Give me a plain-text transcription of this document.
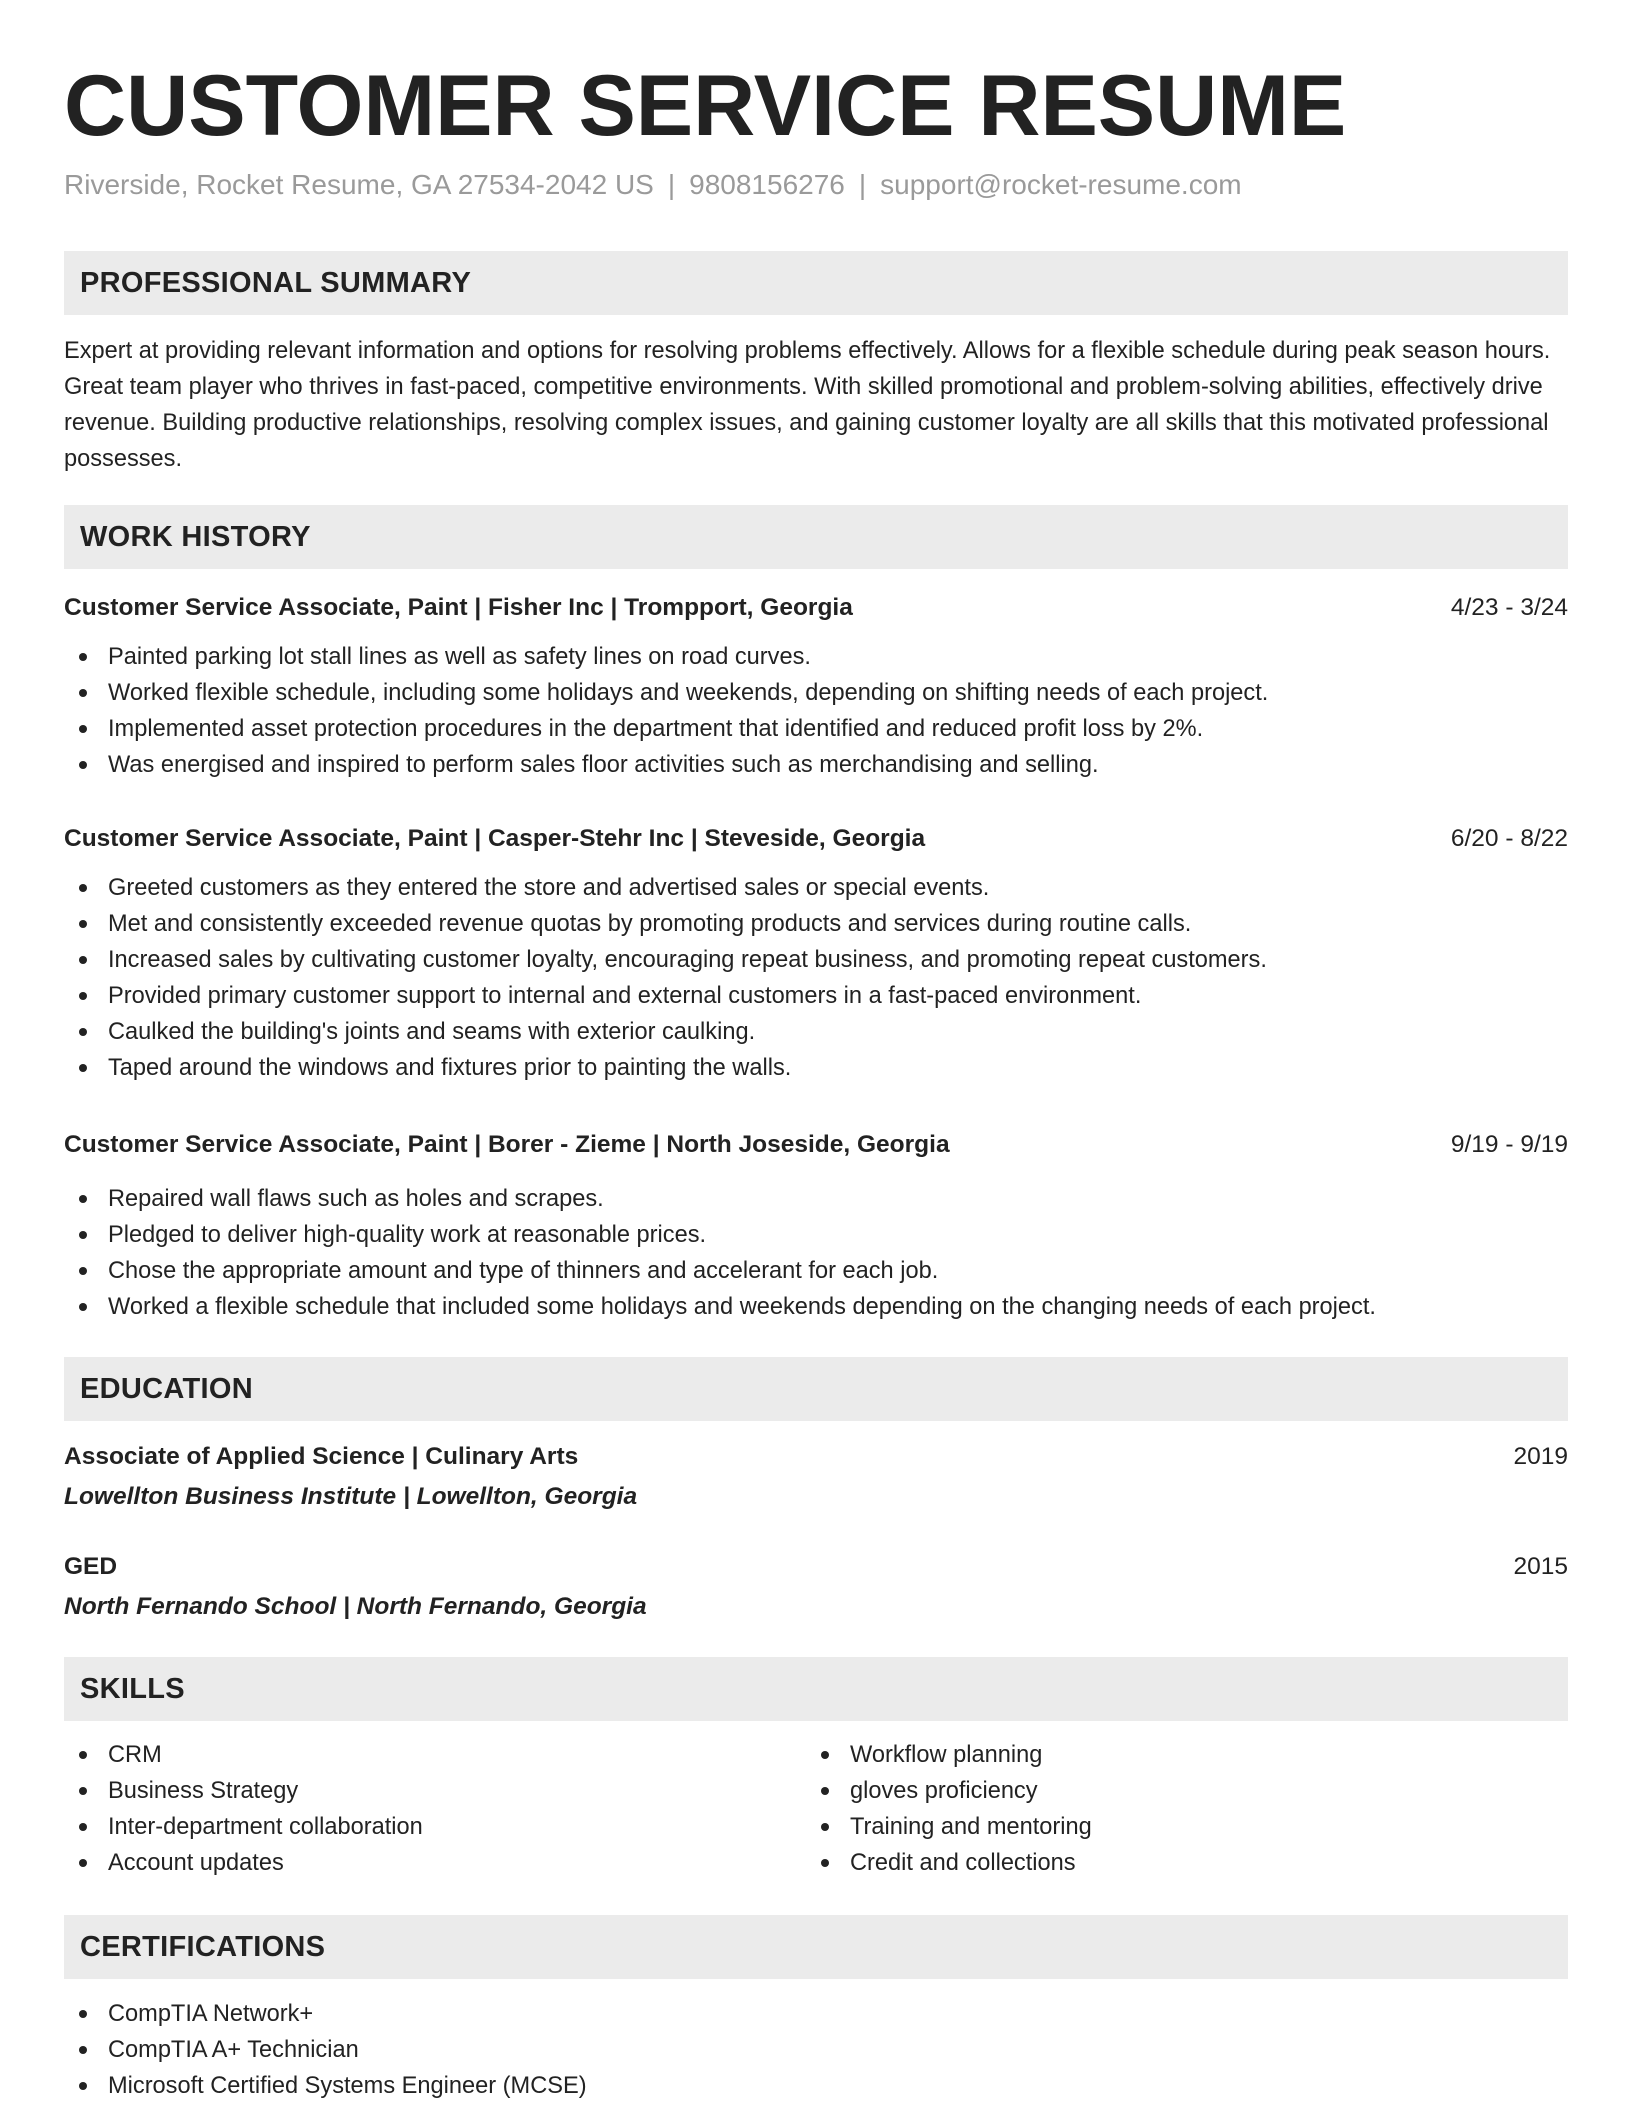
CUSTOMER SERVICE RESUME
Riverside, Rocket Resume, GA 27534-2042 US | 9808156276 | support@rocket-resume.com
PROFESSIONAL SUMMARY

Expert at providing relevant information and options for resolving problems effectively. Allows for a flexible schedule during peak season hours. Great team player who thrives in fast-paced, competitive environments. With skilled promotional and problem-solving abilities, effectively drive revenue. Building productive relationships, resolving complex issues, and gaining customer loyalty are all skills that this motivated professional possesses.

WORK HISTORY
Customer Service Associate, Paint | Fisher Inc | Trompport, Georgia	4/23 - 3/24
Painted parking lot stall lines as well as safety lines on road curves.
Worked flexible schedule, including some holidays and weekends, depending on shifting needs of each project.
Implemented asset protection procedures in the department that identified and reduced profit loss by 2%.
Was energised and inspired to perform sales floor activities such as merchandising and selling.
Customer Service Associate, Paint | Casper-Stehr Inc | Steveside, Georgia	6/20 - 8/22
Greeted customers as they entered the store and advertised sales or special events.
Met and consistently exceeded revenue quotas by promoting products and services during routine calls.
Increased sales by cultivating customer loyalty, encouraging repeat business, and promoting repeat customers.
Provided primary customer support to internal and external customers in a fast-paced environment.
Caulked the building's joints and seams with exterior caulking.
Taped around the windows and fixtures prior to painting the walls.
Customer Service Associate, Paint | Borer - Zieme | North Joseside, Georgia	9/19 - 9/19
Repaired wall flaws such as holes and scrapes.
Pledged to deliver high-quality work at reasonable prices.
Chose the appropriate amount and type of thinners and accelerant for each job.
Worked a flexible schedule that included some holidays and weekends depending on the changing needs of each project.
EDUCATION
Associate of Applied Science | Culinary Arts	2019
Lowellton Business Institute | Lowellton, Georgia
GED	2015
North Fernando School | North Fernando, Georgia
SKILLS
CRM
Business Strategy
Inter-department collaboration
Account updates
Workflow planning
gloves proficiency
Training and mentoring
Credit and collections
CERTIFICATIONS
CompTIA Network+
CompTIA A+ Technician
Microsoft Certified Systems Engineer (MCSE)
